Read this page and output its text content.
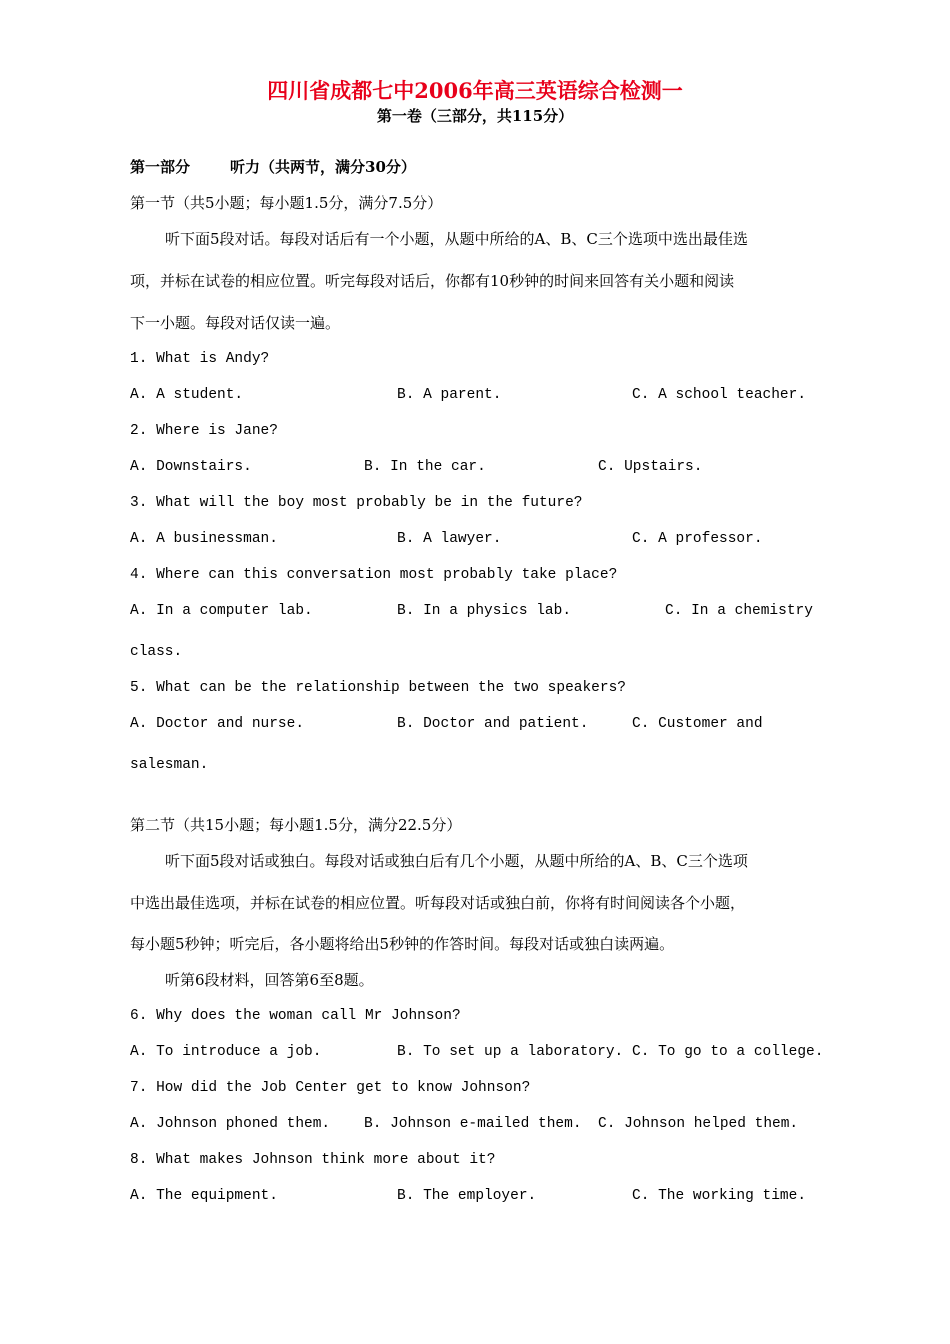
四川省成都七中2006年高三英语综合检测一
第一卷（三部分，共115分）
第一部分	听力（共两节，满分30分）
第一节（共5小题；每小题1.5分，满分7.5分）
听下面5段对话。每段对话后有一个小题，从题中所给的A、B、C三个选项中选出最佳选
项，并标在试卷的相应位置。听完每段对话后，你都有10秒钟的时间来回答有关小题和阅读
下一小题。每段对话仅读一遍。
1. What is Andy?
A. A student.	B. A parent.	C. A school teacher.
2. Where is Jane?
A. Downstairs.	B. In the car.	C. Upstairs.
3. What will the boy most probably be in the future?
A. A businessman.	B. A lawyer.	C. A professor.
4. Where can this conversation most probably take place?
A. In a computer lab.	B. In a physics lab.	C. In a chemistry
class.
5. What can be the relationship between the two speakers?
A. Doctor and nurse.	B. Doctor and patient.	C. Customer and
salesman.
第二节（共15小题；每小题1.5分，满分22.5分）
听下面5段对话或独白。每段对话或独白后有几个小题，从题中所给的A、B、C三个选项
中选出最佳选项，并标在试卷的相应位置。听每段对话或独白前，你将有时间阅读各个小题，
每小题5秒钟；听完后，各小题将给出5秒钟的作答时间。每段对话或独白读两遍。
听第6段材料，回答第6至8题。
6. Why does the woman call Mr Johnson?
A. To introduce a job.	B. To set up a laboratory. C. To go to a college.
7. How did the Job Center get to know Johnson?
A. Johnson phoned them. B. Johnson e-mailed them. C. Johnson helped them.
8. What makes Johnson think more about it?
A. The equipment.	B. The employer.	C. The working time.
